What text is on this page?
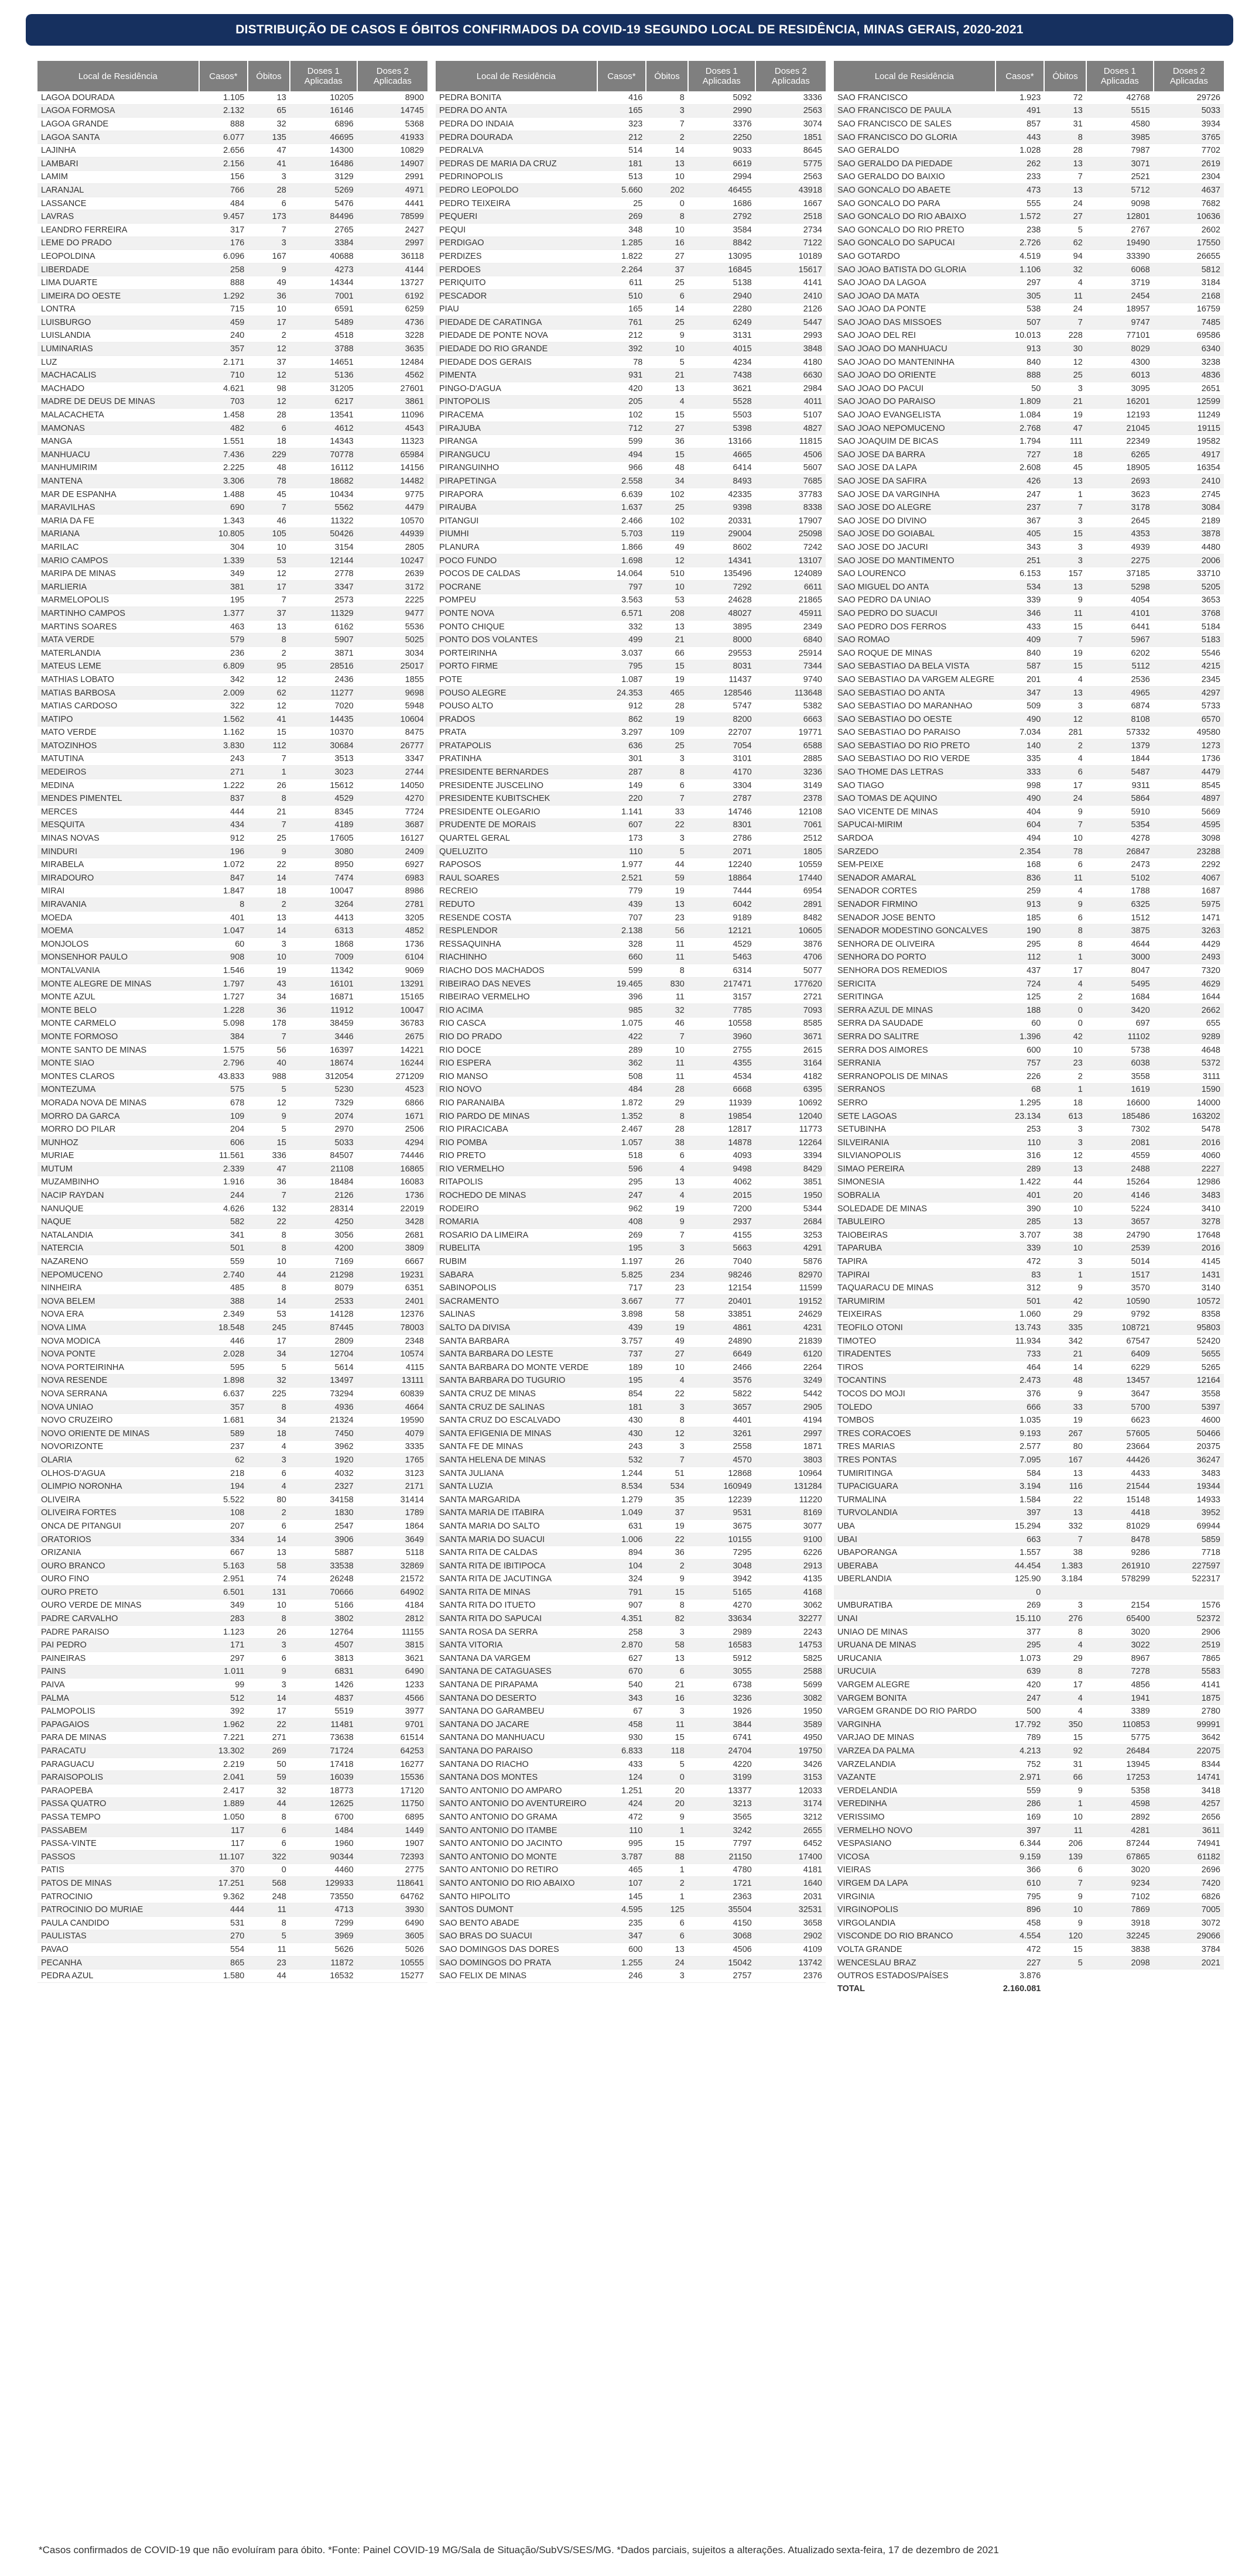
DISTRIBUIÇÃO DE CASOS E ÓBITOS CONFIRMADOS DA COVID-19 SEGUNDO LOCAL DE RESIDÊNCIA, MINAS GERAIS, 2020-2021
Local de Residência	Casos*	Óbitos	Doses 1 Aplicadas	Doses 2 Aplicadas
LAGOA DOURADA	1.105	13	10205	8900
LAGOA FORMOSA	2.132	65	16146	14745
LAGOA GRANDE	888	32	6896	5368
LAGOA SANTA	6.077	135	46695	41933
LAJINHA	2.656	47	14300	10829
LAMBARI	2.156	41	16486	14907
LAMIM	156	3	3129	2991
LARANJAL	766	28	5269	4971
LASSANCE	484	6	5476	4441
LAVRAS	9.457	173	84496	78599
LEANDRO FERREIRA	317	7	2765	2427
LEME DO PRADO	176	3	3384	2997
LEOPOLDINA	6.096	167	40688	36118
LIBERDADE	258	9	4273	4144
LIMA DUARTE	888	49	14344	13727
LIMEIRA DO OESTE	1.292	36	7001	6192
LONTRA	715	10	6591	6259
LUISBURGO	459	17	5489	4736
LUISLANDIA	240	2	4518	3228
LUMINARIAS	357	12	3788	3635
LUZ	2.171	37	14651	12484
MACHACALIS	710	12	5136	4562
MACHADO	4.621	98	31205	27601
MADRE DE DEUS DE MINAS	703	12	6217	3861
MALACACHETA	1.458	28	13541	11096
MAMONAS	482	6	4612	4543
MANGA	1.551	18	14343	11323
MANHUACU	7.436	229	70778	65984
MANHUMIRIM	2.225	48	16112	14156
MANTENA	3.306	78	18682	14482
MAR DE ESPANHA	1.488	45	10434	9775
MARAVILHAS	690	7	5562	4479
MARIA DA FE	1.343	46	11322	10570
MARIANA	10.805	105	50426	44939
MARILAC	304	10	3154	2805
MARIO CAMPOS	1.339	53	12144	10247
MARIPA DE MINAS	349	12	2778	2639
MARLIERIA	381	17	3347	3172
MARMELOPOLIS	195	7	2573	2225
MARTINHO CAMPOS	1.377	37	11329	9477
MARTINS SOARES	463	13	6162	5536
MATA VERDE	579	8	5907	5025
MATERLANDIA	236	2	3871	3034
MATEUS LEME	6.809	95	28516	25017
MATHIAS LOBATO	342	12	2436	1855
MATIAS BARBOSA	2.009	62	11277	9698
MATIAS CARDOSO	322	12	7020	5948
MATIPO	1.562	41	14435	10604
MATO VERDE	1.162	15	10370	8475
MATOZINHOS	3.830	112	30684	26777
MATUTINA	243	7	3513	3347
MEDEIROS	271	1	3023	2744
MEDINA	1.222	26	15612	14050
MENDES PIMENTEL	837	8	4529	4270
MERCES	444	21	8345	7724
MESQUITA	434	7	4189	3687
MINAS NOVAS	912	25	17605	16127
MINDURI	196	9	3080	2409
MIRABELA	1.072	22	8950	6927
MIRADOURO	847	14	7474	6983
MIRAI	1.847	18	10047	8986
MIRAVANIA	8	2	3264	2781
MOEDA	401	13	4413	3205
MOEMA	1.047	14	6313	4852
MONJOLOS	60	3	1868	1736
MONSENHOR PAULO	908	10	7009	6104
MONTALVANIA	1.546	19	11342	9069
MONTE ALEGRE DE MINAS	1.797	43	16101	13291
MONTE AZUL	1.727	34	16871	15165
MONTE BELO	1.228	36	11912	10047
MONTE CARMELO	5.098	178	38459	36783
MONTE FORMOSO	384	7	3446	2675
MONTE SANTO DE MINAS	1.575	56	16397	14221
MONTE SIAO	2.796	40	18674	16244
MONTES CLAROS	43.833	988	312054	271209
MONTEZUMA	575	5	5230	4523
MORADA NOVA DE MINAS	678	12	7329	6866
MORRO DA GARCA	109	9	2074	1671
MORRO DO PILAR	204	5	2970	2506
MUNHOZ	606	15	5033	4294
MURIAE	11.561	336	84507	74446
MUTUM	2.339	47	21108	16865
MUZAMBINHO	1.916	36	18484	16083
NACIP RAYDAN	244	7	2126	1736
NANUQUE	4.626	132	28314	22019
NAQUE	582	22	4250	3428
NATALANDIA	341	8	3056	2681
NATERCIA	501	8	4200	3809
NAZARENO	559	10	7169	6667
NEPOMUCENO	2.740	44	21298	19231
NINHEIRA	485	8	8079	6351
NOVA BELEM	388	14	2533	2401
NOVA ERA	2.349	53	14128	12376
NOVA LIMA	18.548	245	87445	78003
NOVA MODICA	446	17	2809	2348
NOVA PONTE	2.028	34	12704	10574
NOVA PORTEIRINHA	595	5	5614	4115
NOVA RESENDE	1.898	32	13497	13111
NOVA SERRANA	6.637	225	73294	60839
NOVA UNIAO	357	8	4936	4664
NOVO CRUZEIRO	1.681	34	21324	19590
NOVO ORIENTE DE MINAS	589	18	7450	4079
NOVORIZONTE	237	4	3962	3335
OLARIA	62	3	1920	1765
OLHOS-D'AGUA	218	6	4032	3123
OLIMPIO NORONHA	194	4	2327	2171
OLIVEIRA	5.522	80	34158	31414
OLIVEIRA FORTES	108	2	1830	1789
ONCA DE PITANGUI	207	6	2547	1864
ORATORIOS	334	14	3906	3649
ORIZANIA	667	13	5887	5118
OURO BRANCO	5.163	58	33538	32869
OURO FINO	2.951	74	26248	21572
OURO PRETO	6.501	131	70666	64902
OURO VERDE DE MINAS	349	10	5166	4184
PADRE CARVALHO	283	8	3802	2812
PADRE PARAISO	1.123	26	12764	11155
PAI PEDRO	171	3	4507	3815
PAINEIRAS	297	6	3813	3621
PAINS	1.011	9	6831	6490
PAIVA	99	3	1426	1233
PALMA	512	14	4837	4566
PALMOPOLIS	392	17	5519	3977
PAPAGAIOS	1.962	22	11481	9701
PARA DE MINAS	7.221	271	73638	61514
PARACATU	13.302	269	71724	64253
PARAGUACU	2.219	50	17418	16277
PARAISOPOLIS	2.041	59	16039	15536
PARAOPEBA	2.417	32	18773	17120
PASSA QUATRO	1.889	44	12625	11750
PASSA TEMPO	1.050	8	6700	6895
PASSABEM	117	6	1484	1449
PASSA-VINTE	117	6	1960	1907
PASSOS	11.107	322	90344	72393
PATIS	370	0	4460	2775
PATOS DE MINAS	17.251	568	129933	118641
PATROCINIO	9.362	248	73550	64762
PATROCINIO DO MURIAE	444	11	4713	3930
PAULA CANDIDO	531	8	7299	6490
PAULISTAS	270	5	3969	3605
PAVAO	554	11	5626	5026
PECANHA	865	23	11872	10555
PEDRA AZUL	1.580	44	16532	15277
Local de Residência	Casos*	Óbitos	Doses 1 Aplicadas	Doses 2 Aplicadas
PEDRA BONITA	416	8	5092	3336
PEDRA DO ANTA	165	3	2990	2563
PEDRA DO INDAIA	323	7	3376	3074
PEDRA DOURADA	212	2	2250	1851
PEDRALVA	514	14	9033	8645
PEDRAS DE MARIA DA CRUZ	181	13	6619	5775
PEDRINOPOLIS	513	10	2994	2563
PEDRO LEOPOLDO	5.660	202	46455	43918
PEDRO TEIXEIRA	25	0	1686	1667
PEQUERI	269	8	2792	2518
PEQUI	348	10	3584	2734
PERDIGAO	1.285	16	8842	7122
PERDIZES	1.822	27	13095	10189
PERDOES	2.264	37	16845	15617
PERIQUITO	611	25	5138	4141
PESCADOR	510	6	2940	2410
PIAU	165	14	2280	2126
PIEDADE DE CARATINGA	761	25	6249	5447
PIEDADE DE PONTE NOVA	212	9	3131	2993
PIEDADE DO RIO GRANDE	392	10	4015	3848
PIEDADE DOS GERAIS	78	5	4234	4180
PIMENTA	931	21	7438	6630
PINGO-D'AGUA	420	13	3621	2984
PINTOPOLIS	205	4	5528	4011
PIRACEMA	102	15	5503	5107
PIRAJUBA	712	27	5398	4827
PIRANGA	599	36	13166	11815
PIRANGUCU	494	15	4665	4506
PIRANGUINHO	966	48	6414	5607
PIRAPETINGA	2.558	34	8493	7685
PIRAPORA	6.639	102	42335	37783
PIRAUBA	1.637	25	9398	8338
PITANGUI	2.466	102	20331	17907
PIUMHI	5.703	119	29004	25098
PLANURA	1.866	49	8602	7242
POCO FUNDO	1.698	12	14341	13107
POCOS DE CALDAS	14.064	510	135496	124089
POCRANE	797	10	7292	6611
POMPEU	3.563	53	24628	21865
PONTE NOVA	6.571	208	48027	45911
PONTO CHIQUE	332	13	3895	2349
PONTO DOS VOLANTES	499	21	8000	6840
PORTEIRINHA	3.037	66	29553	25914
PORTO FIRME	795	15	8031	7344
POTE	1.087	19	11437	9740
POUSO ALEGRE	24.353	465	128546	113648
POUSO ALTO	912	28	5747	5382
PRADOS	862	19	8200	6663
PRATA	3.297	109	22707	19771
PRATAPOLIS	636	25	7054	6588
PRATINHA	301	3	3101	2885
PRESIDENTE BERNARDES	287	8	4170	3236
PRESIDENTE JUSCELINO	149	6	3304	3149
PRESIDENTE KUBITSCHEK	220	7	2787	2378
PRESIDENTE OLEGARIO	1.141	33	14746	12108
PRUDENTE DE MORAIS	607	22	8301	7061
QUARTEL GERAL	173	3	2786	2512
QUELUZITO	110	5	2071	1805
RAPOSOS	1.977	44	12240	10559
RAUL SOARES	2.521	59	18864	17440
RECREIO	779	19	7444	6954
REDUTO	439	13	6042	2891
RESENDE COSTA	707	23	9189	8482
RESPLENDOR	2.138	56	12121	10605
RESSAQUINHA	328	11	4529	3876
RIACHINHO	660	11	5463	4706
RIACHO DOS MACHADOS	599	8	6314	5077
RIBEIRAO DAS NEVES	19.465	830	217471	177620
RIBEIRAO VERMELHO	396	11	3157	2721
RIO ACIMA	985	32	7785	7093
RIO CASCA	1.075	46	10558	8585
RIO DO PRADO	422	7	3960	3671
RIO DOCE	289	10	2755	2615
RIO ESPERA	362	11	4355	3164
RIO MANSO	508	11	4534	4182
RIO NOVO	484	28	6668	6395
RIO PARANAIBA	1.872	29	11939	10692
RIO PARDO DE MINAS	1.352	8	19854	12040
RIO PIRACICABA	2.467	28	12817	11773
RIO POMBA	1.057	38	14878	12264
RIO PRETO	518	6	4093	3394
RIO VERMELHO	596	4	9498	8429
RITAPOLIS	295	13	4062	3851
ROCHEDO DE MINAS	247	4	2015	1950
RODEIRO	962	19	7200	5344
ROMARIA	408	9	2937	2684
ROSARIO DA LIMEIRA	269	7	4155	3253
RUBELITA	195	3	5663	4291
RUBIM	1.197	26	7040	5876
SABARA	5.825	234	98246	82970
SABINOPOLIS	717	23	12154	11599
SACRAMENTO	3.667	77	20401	19152
SALINAS	3.898	58	33851	24629
SALTO DA DIVISA	439	19	4861	4231
SANTA BARBARA	3.757	49	24890	21839
SANTA BARBARA DO LESTE	737	27	6649	6120
SANTA BARBARA DO MONTE VERDE	189	10	2466	2264
SANTA BARBARA DO TUGURIO	195	4	3576	3249
SANTA CRUZ DE MINAS	854	22	5822	5442
SANTA CRUZ DE SALINAS	181	3	3657	2905
SANTA CRUZ DO ESCALVADO	430	8	4401	4194
SANTA EFIGENIA DE MINAS	430	12	3261	2997
SANTA FE DE MINAS	243	3	2558	1871
SANTA HELENA DE MINAS	532	7	4570	3803
SANTA JULIANA	1.244	51	12868	10964
SANTA LUZIA	8.534	534	160949	131284
SANTA MARGARIDA	1.279	35	12239	11220
SANTA MARIA DE ITABIRA	1.049	37	9531	8169
SANTA MARIA DO SALTO	631	19	3675	3077
SANTA MARIA DO SUACUI	1.006	22	10155	9100
SANTA RITA DE CALDAS	894	36	7295	6226
SANTA RITA DE IBITIPOCA	104	2	3048	2913
SANTA RITA DE JACUTINGA	324	9	3942	4135
SANTA RITA DE MINAS	791	15	5165	4168
SANTA RITA DO ITUETO	907	8	4270	3062
SANTA RITA DO SAPUCAI	4.351	82	33634	32277
SANTA ROSA DA SERRA	258	3	2989	2243
SANTA VITORIA	2.870	58	16583	14753
SANTANA DA VARGEM	627	13	5912	5825
SANTANA DE CATAGUASES	670	6	3055	2588
SANTANA DE PIRAPAMA	540	21	6738	5699
SANTANA DO DESERTO	343	16	3236	3082
SANTANA DO GARAMBEU	67	3	1926	1950
SANTANA DO JACARE	458	11	3844	3589
SANTANA DO MANHUACU	930	15	6741	4950
SANTANA DO PARAISO	6.833	118	24704	19750
SANTANA DO RIACHO	433	5	4220	3426
SANTANA DOS MONTES	124	0	3199	3153
SANTO ANTONIO DO AMPARO	1.251	20	13377	12033
SANTO ANTONIO DO AVENTUREIRO	424	20	3213	3174
SANTO ANTONIO DO GRAMA	472	9	3565	3212
SANTO ANTONIO DO ITAMBE	110	1	3242	2655
SANTO ANTONIO DO JACINTO	995	15	7797	6452
SANTO ANTONIO DO MONTE	3.787	88	21150	17400
SANTO ANTONIO DO RETIRO	465	1	4780	4181
SANTO ANTONIO DO RIO ABAIXO	107	2	1721	1640
SANTO HIPOLITO	145	1	2363	2031
SANTOS DUMONT	4.595	125	35504	32531
SAO BENTO ABADE	235	6	4150	3658
SAO BRAS DO SUACUI	347	6	3068	2902
SAO DOMINGOS DAS DORES	600	13	4506	4109
SAO DOMINGOS DO PRATA	1.255	24	15042	13742
SAO FELIX DE MINAS	246	3	2757	2376
Local de Residência	Casos*	Óbitos	Doses 1 Aplicadas	Doses 2 Aplicadas
SAO FRANCISCO	1.923	72	42768	29726
SAO FRANCISCO DE PAULA	491	13	5515	5033
SAO FRANCISCO DE SALES	857	31	4580	3934
SAO FRANCISCO DO GLORIA	443	8	3985	3765
SAO GERALDO	1.028	28	7987	7702
SAO GERALDO DA PIEDADE	262	13	3071	2619
SAO GERALDO DO BAIXIO	233	7	2521	2304
SAO GONCALO DO ABAETE	473	13	5712	4637
SAO GONCALO DO PARA	555	24	9098	7682
SAO GONCALO DO RIO ABAIXO	1.572	27	12801	10636
SAO GONCALO DO RIO PRETO	238	5	2767	2602
SAO GONCALO DO SAPUCAI	2.726	62	19490	17550
SAO GOTARDO	4.519	94	33390	26655
SAO JOAO BATISTA DO GLORIA	1.106	32	6068	5812
SAO JOAO DA LAGOA	297	4	3719	3184
SAO JOAO DA MATA	305	11	2454	2168
SAO JOAO DA PONTE	538	24	18957	16759
SAO JOAO DAS MISSOES	507	7	9747	7485
SAO JOAO DEL REI	10.013	228	77101	69586
SAO JOAO DO MANHUACU	913	30	8029	6340
SAO JOAO DO MANTENINHA	840	12	4300	3238
SAO JOAO DO ORIENTE	888	25	6013	4836
SAO JOAO DO PACUI	50	3	3095	2651
SAO JOAO DO PARAISO	1.809	21	16201	12599
SAO JOAO EVANGELISTA	1.084	19	12193	11249
SAO JOAO NEPOMUCENO	2.768	47	21045	19115
SAO JOAQUIM DE BICAS	1.794	111	22349	19582
SAO JOSE DA BARRA	727	18	6265	4917
SAO JOSE DA LAPA	2.608	45	18905	16354
SAO JOSE DA SAFIRA	426	13	2693	2410
SAO JOSE DA VARGINHA	247	1	3623	2745
SAO JOSE DO ALEGRE	237	7	3178	3084
SAO JOSE DO DIVINO	367	3	2645	2189
SAO JOSE DO GOIABAL	405	15	4353	3878
SAO JOSE DO JACURI	343	3	4939	4480
SAO JOSE DO MANTIMENTO	251	3	2275	2006
SAO LOURENCO	6.153	157	37185	33710
SAO MIGUEL DO ANTA	534	13	5298	5205
SAO PEDRO DA UNIAO	339	9	4054	3653
SAO PEDRO DO SUACUI	346	11	4101	3768
SAO PEDRO DOS FERROS	433	15	6441	5184
SAO ROMAO	409	7	5967	5183
SAO ROQUE DE MINAS	840	19	6202	5546
SAO SEBASTIAO DA BELA VISTA	587	15	5112	4215
SAO SEBASTIAO DA VARGEM ALEGRE	201	4	2536	2345
SAO SEBASTIAO DO ANTA	347	13	4965	4297
SAO SEBASTIAO DO MARANHAO	509	3	6874	5733
SAO SEBASTIAO DO OESTE	490	12	8108	6570
SAO SEBASTIAO DO PARAISO	7.034	281	57332	49580
SAO SEBASTIAO DO RIO PRETO	140	2	1379	1273
SAO SEBASTIAO DO RIO VERDE	335	4	1844	1736
SAO THOME DAS LETRAS	333	6	5487	4479
SAO TIAGO	998	17	9311	8545
SAO TOMAS DE AQUINO	490	24	5864	4897
SAO VICENTE DE MINAS	404	9	5910	5669
SAPUCAI-MIRIM	604	7	5354	4595
SARDOA	494	10	4278	3098
SARZEDO	2.354	78	26847	23288
SEM-PEIXE	168	6	2473	2292
SENADOR AMARAL	836	11	5102	4067
SENADOR CORTES	259	4	1788	1687
SENADOR FIRMINO	913	9	6325	5975
SENADOR JOSE BENTO	185	6	1512	1471
SENADOR MODESTINO GONCALVES	190	8	3875	3263
SENHORA DE OLIVEIRA	295	8	4644	4429
SENHORA DO PORTO	112	1	3000	2493
SENHORA DOS REMEDIOS	437	17	8047	7320
SERICITA	724	4	5495	4629
SERITINGA	125	2	1684	1644
SERRA AZUL DE MINAS	188	0	3420	2662
SERRA DA SAUDADE	60	0	697	655
SERRA DO SALITRE	1.396	42	11102	9289
SERRA DOS AIMORES	600	10	5738	4648
SERRANIA	757	23	6038	5372
SERRANOPOLIS DE MINAS	226	2	3558	3111
SERRANOS	68	1	1619	1590
SERRO	1.295	18	16600	14000
SETE LAGOAS	23.134	613	185486	163202
SETUBINHA	253	3	7302	5478
SILVEIRANIA	110	3	2081	2016
SILVIANOPOLIS	316	12	4559	4060
SIMAO PEREIRA	289	13	2488	2227
SIMONESIA	1.422	44	15264	12986
SOBRALIA	401	20	4146	3483
SOLEDADE DE MINAS	390	10	5224	3410
TABULEIRO	285	13	3657	3278
TAIOBEIRAS	3.707	38	24790	17648
TAPARUBA	339	10	2539	2016
TAPIRA	472	3	5014	4145
TAPIRAI	83	1	1517	1431
TAQUARACU DE MINAS	312	9	3570	3140
TARUMIRIM	501	42	10590	10572
TEIXEIRAS	1.060	29	9792	8358
TEOFILO OTONI	13.743	335	108721	95803
TIMOTEO	11.934	342	67547	52420
TIRADENTES	733	21	6409	5655
TIROS	464	14	6229	5265
TOCANTINS	2.473	48	13457	12164
TOCOS DO MOJI	376	9	3647	3558
TOLEDO	666	33	5700	5397
TOMBOS	1.035	19	6623	4600
TRES CORACOES	9.193	267	57605	50466
TRES MARIAS	2.577	80	23664	20375
TRES PONTAS	7.095	167	44426	36247
TUMIRITINGA	584	13	4433	3483
TUPACIGUARA	3.194	116	21544	19344
TURMALINA	1.584	22	15148	14933
TURVOLANDIA	397	13	4418	3952
UBA	15.294	332	81029	69944
UBAI	663	7	8478	5859
UBAPORANGA	1.557	38	9286	7718
UBERABA	44.454	1.383	261910	227597
UBERLANDIA	125.90	3.184	578299	522317
	0			
UMBURATIBA	269	3	2154	1576
UNAI	15.110	276	65400	52372
UNIAO DE MINAS	377	8	3020	2906
URUANA DE MINAS	295	4	3022	2519
URUCANIA	1.073	29	8967	7865
URUCUIA	639	8	7278	5583
VARGEM ALEGRE	420	17	4856	4141
VARGEM BONITA	247	4	1941	1875
VARGEM GRANDE DO RIO PARDO	500	4	3389	2780
VARGINHA	17.792	350	110853	99991
VARJAO DE MINAS	789	15	5775	3642
VARZEA DA PALMA	4.213	92	26484	22075
VARZELANDIA	752	31	13945	8344
VAZANTE	2.971	66	17253	14741
VERDELANDIA	559	9	5358	3418
VEREDINHA	286	1	4598	4257
VERISSIMO	169	10	2892	2656
VERMELHO NOVO	397	11	4281	3611
VESPASIANO	6.344	206	87244	74941
VICOSA	9.159	139	67865	61182
VIEIRAS	366	6	3020	2696
VIRGEM DA LAPA	610	7	9234	7420
VIRGINIA	795	9	7102	6826
VIRGINOPOLIS	896	10	7869	7005
VIRGOLANDIA	458	9	3918	3072
VISCONDE DO RIO BRANCO	4.554	120	32245	29066
VOLTA GRANDE	472	15	3838	3784
WENCESLAU BRAZ	227	5	2098	2021
OUTROS ESTADOS/PAÍSES	3.876			
TOTAL	2.160.081			
*Casos confirmados de COVID-19 que não evoluíram para óbito. *Fonte: Painel COVID-19 MG/Sala de Situação/SubVS/SES/MG. *Dados parciais, sujeitos a alterações. Atualizado sexta-feira, 17 de dezembro de 2021
